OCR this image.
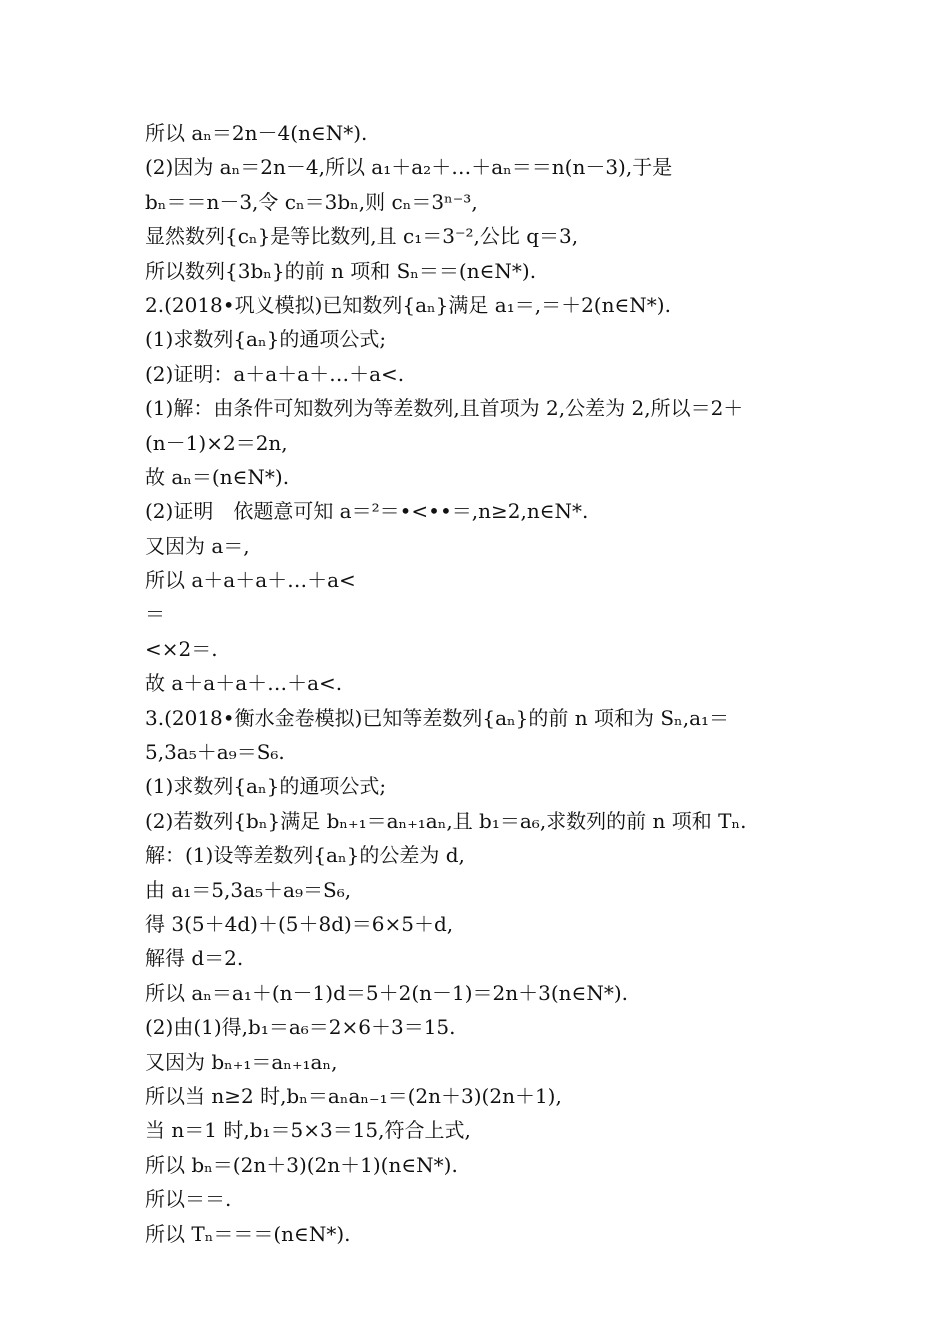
所以 aₙ＝2n－4(n∈N*).
(2)因为 aₙ＝2n－4,所以 a₁＋a₂＋…＋aₙ＝＝n(n－3),于是
bₙ＝＝n－3,令 cₙ＝3bₙ,则 cₙ＝3ⁿ⁻³,
显然数列{cₙ}是等比数列,且 c₁＝3⁻²,公比 q＝3,
所以数列{3bₙ}的前 n 项和 Sₙ＝＝(n∈N*).
2.(2018•巩义模拟)已知数列{aₙ}满足 a₁＝,＝＋2(n∈N*).
(1)求数列{aₙ}的通项公式;
(2)证明：a＋a＋a＋…＋a<.
(1)解：由条件可知数列为等差数列,且首项为 2,公差为 2,所以＝2＋
(n－1)×2＝2n,
故 aₙ＝(n∈N*).
(2)证明　依题意可知 a＝²＝•<••＝,n≥2,n∈N*.
又因为 a＝,
所以 a＋a＋a＋…＋a<
＝
<×2＝.
故 a＋a＋a＋…＋a<.
3.(2018•衡水金卷模拟)已知等差数列{aₙ}的前 n 项和为 Sₙ,a₁＝
5,3a₅＋a₉＝S₆.
(1)求数列{aₙ}的通项公式;
(2)若数列{bₙ}满足 bₙ₊₁＝aₙ₊₁aₙ,且 b₁＝a₆,求数列的前 n 项和 Tₙ.
解：(1)设等差数列{aₙ}的公差为 d,
由 a₁＝5,3a₅＋a₉＝S₆,
得 3(5＋4d)＋(5＋8d)＝6×5＋d,
解得 d＝2.
所以 aₙ＝a₁＋(n－1)d＝5＋2(n－1)＝2n＋3(n∈N*).
(2)由(1)得,b₁＝a₆＝2×6＋3＝15.
又因为 bₙ₊₁＝aₙ₊₁aₙ,
所以当 n≥2 时,bₙ＝aₙaₙ₋₁＝(2n＋3)(2n＋1),
当 n＝1 时,b₁＝5×3＝15,符合上式,
所以 bₙ＝(2n＋3)(2n＋1)(n∈N*).
所以＝＝.
所以 Tₙ＝＝＝(n∈N*).
